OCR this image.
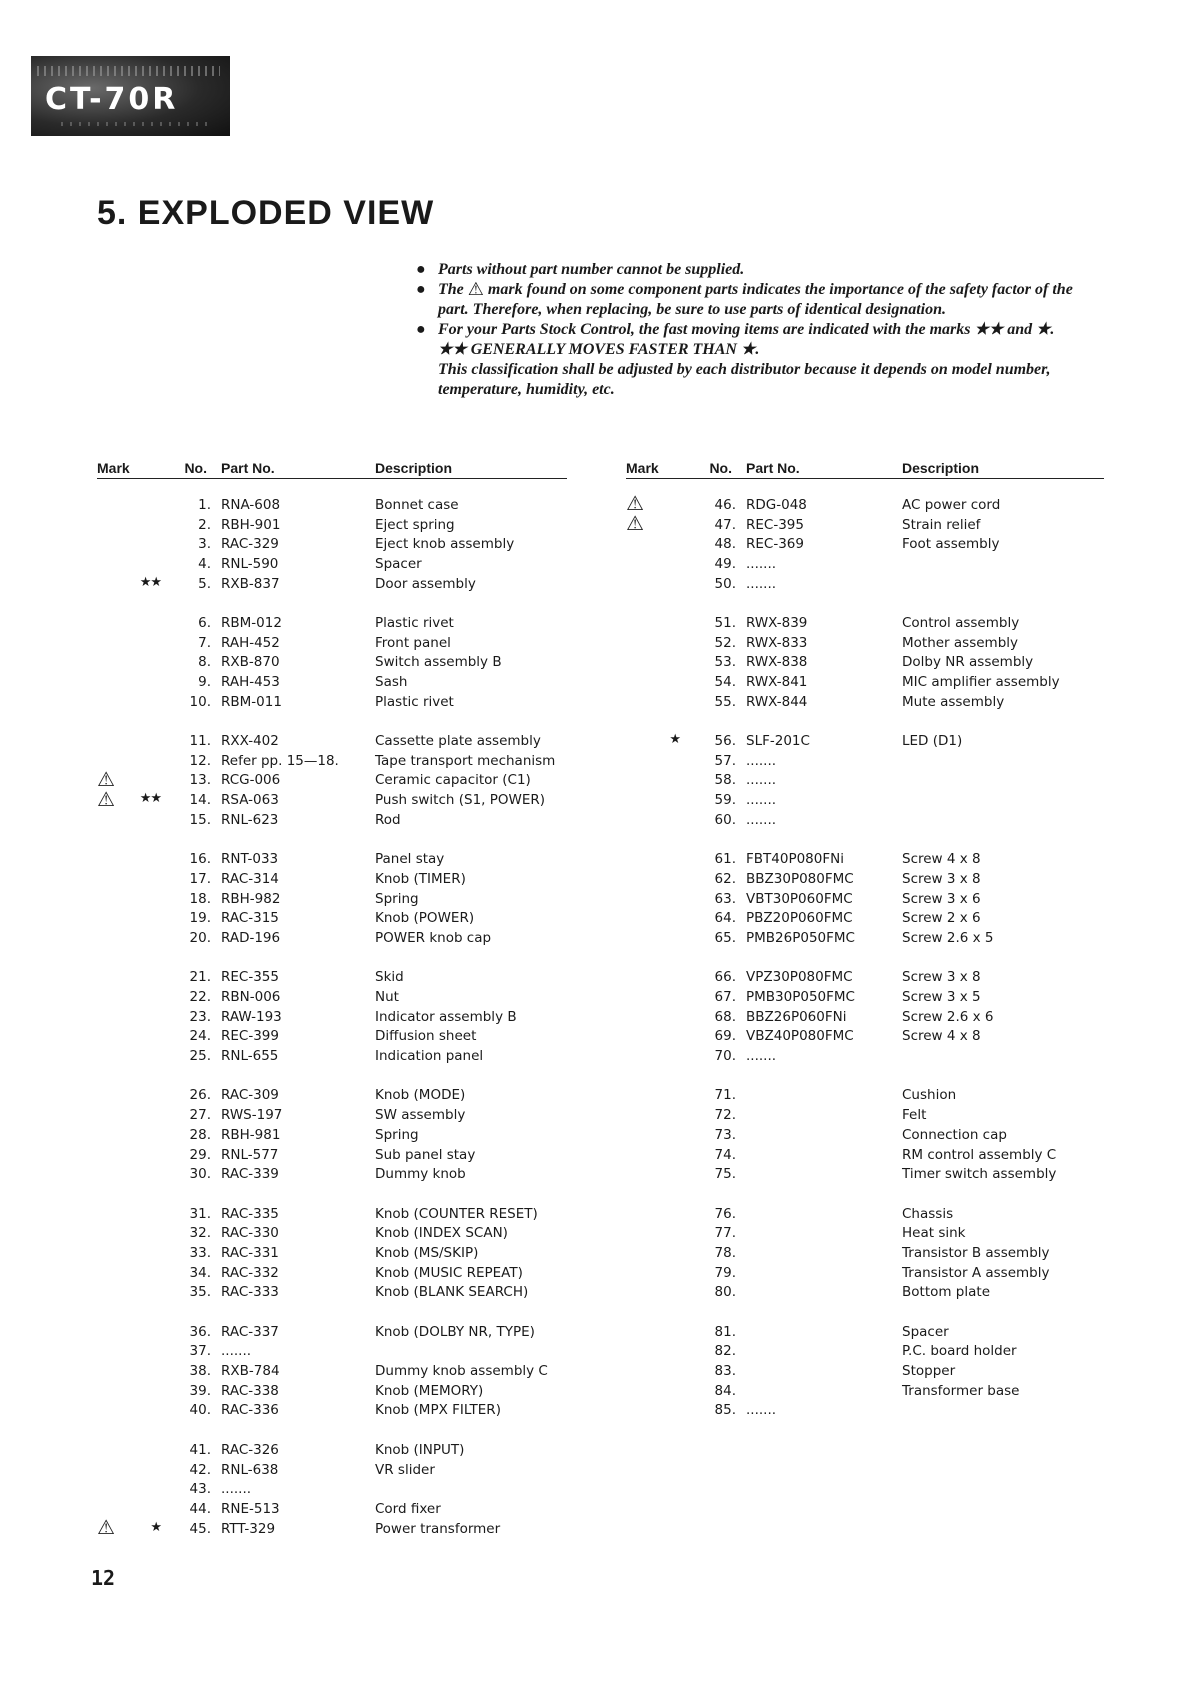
CT-70R
5. EXPLODED VIEW
● Parts without part number cannot be supplied.
● The ⚠ mark found on some component parts indicates the importance of the safety factor of the part. Therefore, when replacing, be sure to use parts of identical designation.
● For your Parts Stock Control, the fast moving items are indicated with the marks ★★ and ★.
★★ GENERALLY MOVES FASTER THAN ★.
This classification shall be adjusted by each distributor because it depends on model number, temperature, humidity, etc.
Mark	No.	Part No.	Description

	1.	RNA-608	Bonnet case
	2.	RBH-901	Eject spring
	3.	RAC-329	Eject knob assembly
	4.	RNL-590	Spacer

★★	5.	RXB-837	Door assembly

	6.	RBM-012	Plastic rivet
	7.	RAH-452	Front panel
	8.	RXB-870	Switch assembly B
	9.	RAH-453	Sash
	10.	RBM-011	Plastic rivet

	11.	RXX-402	Cassette plate assembly
	12.	Refer pp. 15—18.	Tape transport mechanism
⚠	13.	RCG-006	Ceramic capacitor (C1)
⚠ ★★	14.	RSA-063	Push switch (S1, POWER)
	15.	RNL-623	Rod

	16.	RNT-033	Panel stay
	17.	RAC-314	Knob (TIMER)
	18.	RBH-982	Spring
	19.	RAC-315	Knob (POWER)
	20.	RAD-196	POWER knob cap

	21.	REC-355	Skid
	22.	RBN-006	Nut
	23.	RAW-193	Indicator assembly B
	24.	REC-399	Diffusion sheet
	25.	RNL-655	Indication panel

	26.	RAC-309	Knob (MODE)
	27.	RWS-197	SW assembly
	28.	RBH-981	Spring
	29.	RNL-577	Sub panel stay
	30.	RAC-339	Dummy knob

	31.	RAC-335	Knob (COUNTER RESET)
	32.	RAC-330	Knob (INDEX SCAN)
	33.	RAC-331	Knob (MS/SKIP)
	34.	RAC-332	Knob (MUSIC REPEAT)
	35.	RAC-333	Knob (BLANK SEARCH)

	36.	RAC-337	Knob (DOLBY NR, TYPE)
	37.	.......	
	38.	RXB-784	Dummy knob assembly C
	39.	RAC-338	Knob (MEMORY)
	40.	RAC-336	Knob (MPX FILTER)

	41.	RAC-326	Knob (INPUT)
	42.	RNL-638	VR slider
	43.	.......	
	44.	RNE-513	Cord fixer
⚠ ★	45.	RTT-329	Power transformer
Mark	No.	Part No.	Description

⚠	46.	RDG-048	AC power cord
⚠	47.	REC-395	Strain relief
	48.	REC-369	Foot assembly
	49.	.......	
	50.	.......	

	51.	RWX-839	Control assembly
	52.	RWX-833	Mother assembly
	53.	RWX-838	Dolby NR assembly
	54.	RWX-841	MIC amplifier assembly
	55.	RWX-844	Mute assembly

★	56.	SLF-201C	LED (D1)
	57.	.......	
	58.	.......	
	59.	.......	
	60.	.......	

	61.	FBT40P080FNi	Screw 4 x 8
	62.	BBZ30P080FMC	Screw 3 x 8
	63.	VBT30P060FMC	Screw 3 x 6
	64.	PBZ20P060FMC	Screw 2 x 6
	65.	PMB26P050FMC	Screw 2.6 x 5

	66.	VPZ30P080FMC	Screw 3 x 8
	67.	PMB30P050FMC	Screw 3 x 5
	68.	BBZ26P060FNi	Screw 2.6 x 6
	69.	VBZ40P080FMC	Screw 4 x 8
	70.	.......	

	71.		Cushion
	72.		Felt
	73.		Connection cap
	74.		RM control assembly C
	75.		Timer switch assembly

	76.		Chassis
	77.		Heat sink
	78.		Transistor B assembly
	79.		Transistor A assembly
	80.		Bottom plate

	81.		Spacer
	82.		P.C. board holder
	83.		Stopper
	84.		Transformer base
	85.	.......	

12
